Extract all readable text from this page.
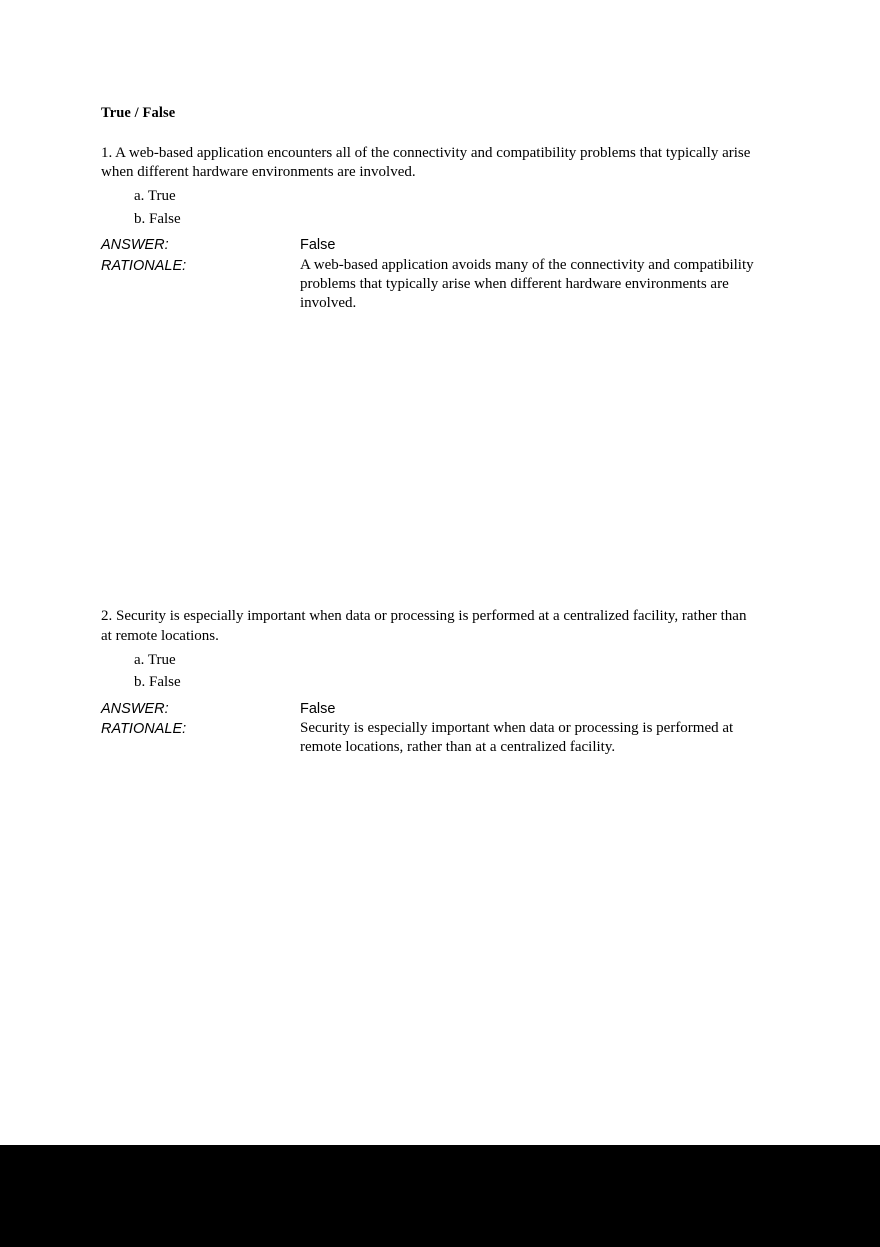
True / False

1. A web-based application encounters all of the connectivity and compatibility problems that typically arise when different hardware environments are involved.

a. True
b. False
ANSWER:	False
RATIONALE:	A web-based application avoids many of the connectivity and compatibility problems that typically arise when different hardware environments are involved.

2. Security is especially important when data or processing is performed at a centralized facility, rather than at remote locations.

a. True
b. False
ANSWER:	False
RATIONALE:	Security is especially important when data or processing is performed at remote locations, rather than at a centralized facility.
